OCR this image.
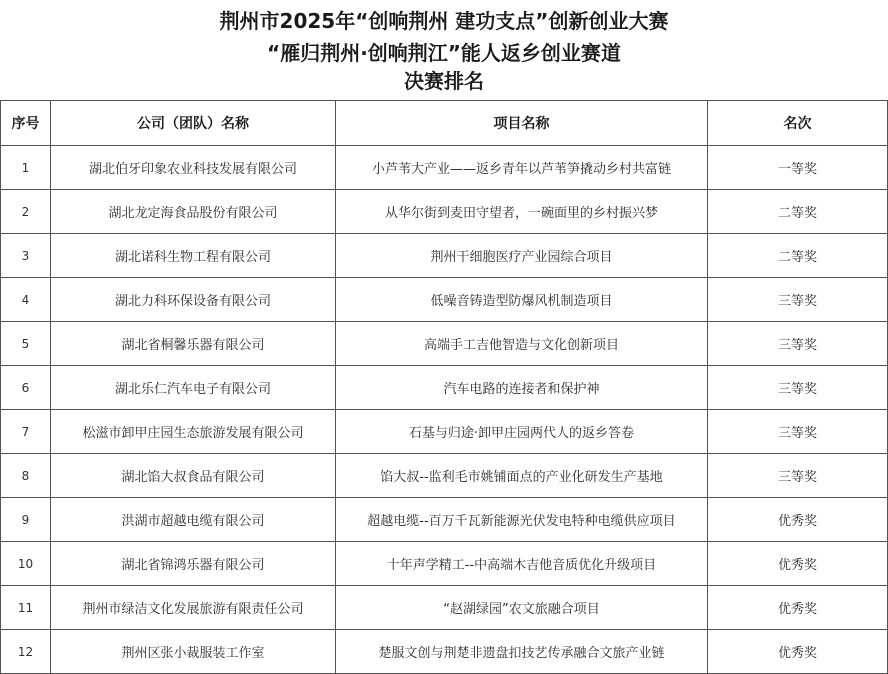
荆州市2025年“创响荆州 建功支点”创新创业大赛
“雁归荆州·创响荆江”能人返乡创业赛道
决赛排名
序号	公司（团队）名称	项目名称	名次
1	湖北伯牙印象农业科技发展有限公司	小芦苇大产业——返乡青年以芦苇笋撬动乡村共富链	一等奖
2	湖北龙定海食品股份有限公司	从华尔街到麦田守望者，一碗面里的乡村振兴梦	二等奖
3	湖北诺科生物工程有限公司	荆州干细胞医疗产业园综合项目	二等奖
4	湖北力科环保设备有限公司	低噪音铸造型防爆风机制造项目	三等奖
5	湖北省桐馨乐器有限公司	高端手工吉他智造与文化创新项目	三等奖
6	湖北乐仁汽车电子有限公司	汽车电路的连接者和保护神	三等奖
7	松滋市卸甲庄园生态旅游发展有限公司	石基与归途·卸甲庄园两代人的返乡答卷	三等奖
8	湖北馅大叔食品有限公司	馅大叔--监利毛市姚铺面点的产业化研发生产基地	三等奖
9	洪湖市超越电缆有限公司	超越电缆--百万千瓦新能源光伏发电特种电缆供应项目	优秀奖
10	湖北省锦鸿乐器有限公司	十年声学精工--中高端木吉他音质优化升级项目	优秀奖
11	荆州市绿洁文化发展旅游有限责任公司	“赵湖绿园”农文旅融合项目	优秀奖
12	荆州区张小裁服装工作室	楚服文创与荆楚非遗盘扣技艺传承融合文旅产业链	优秀奖
